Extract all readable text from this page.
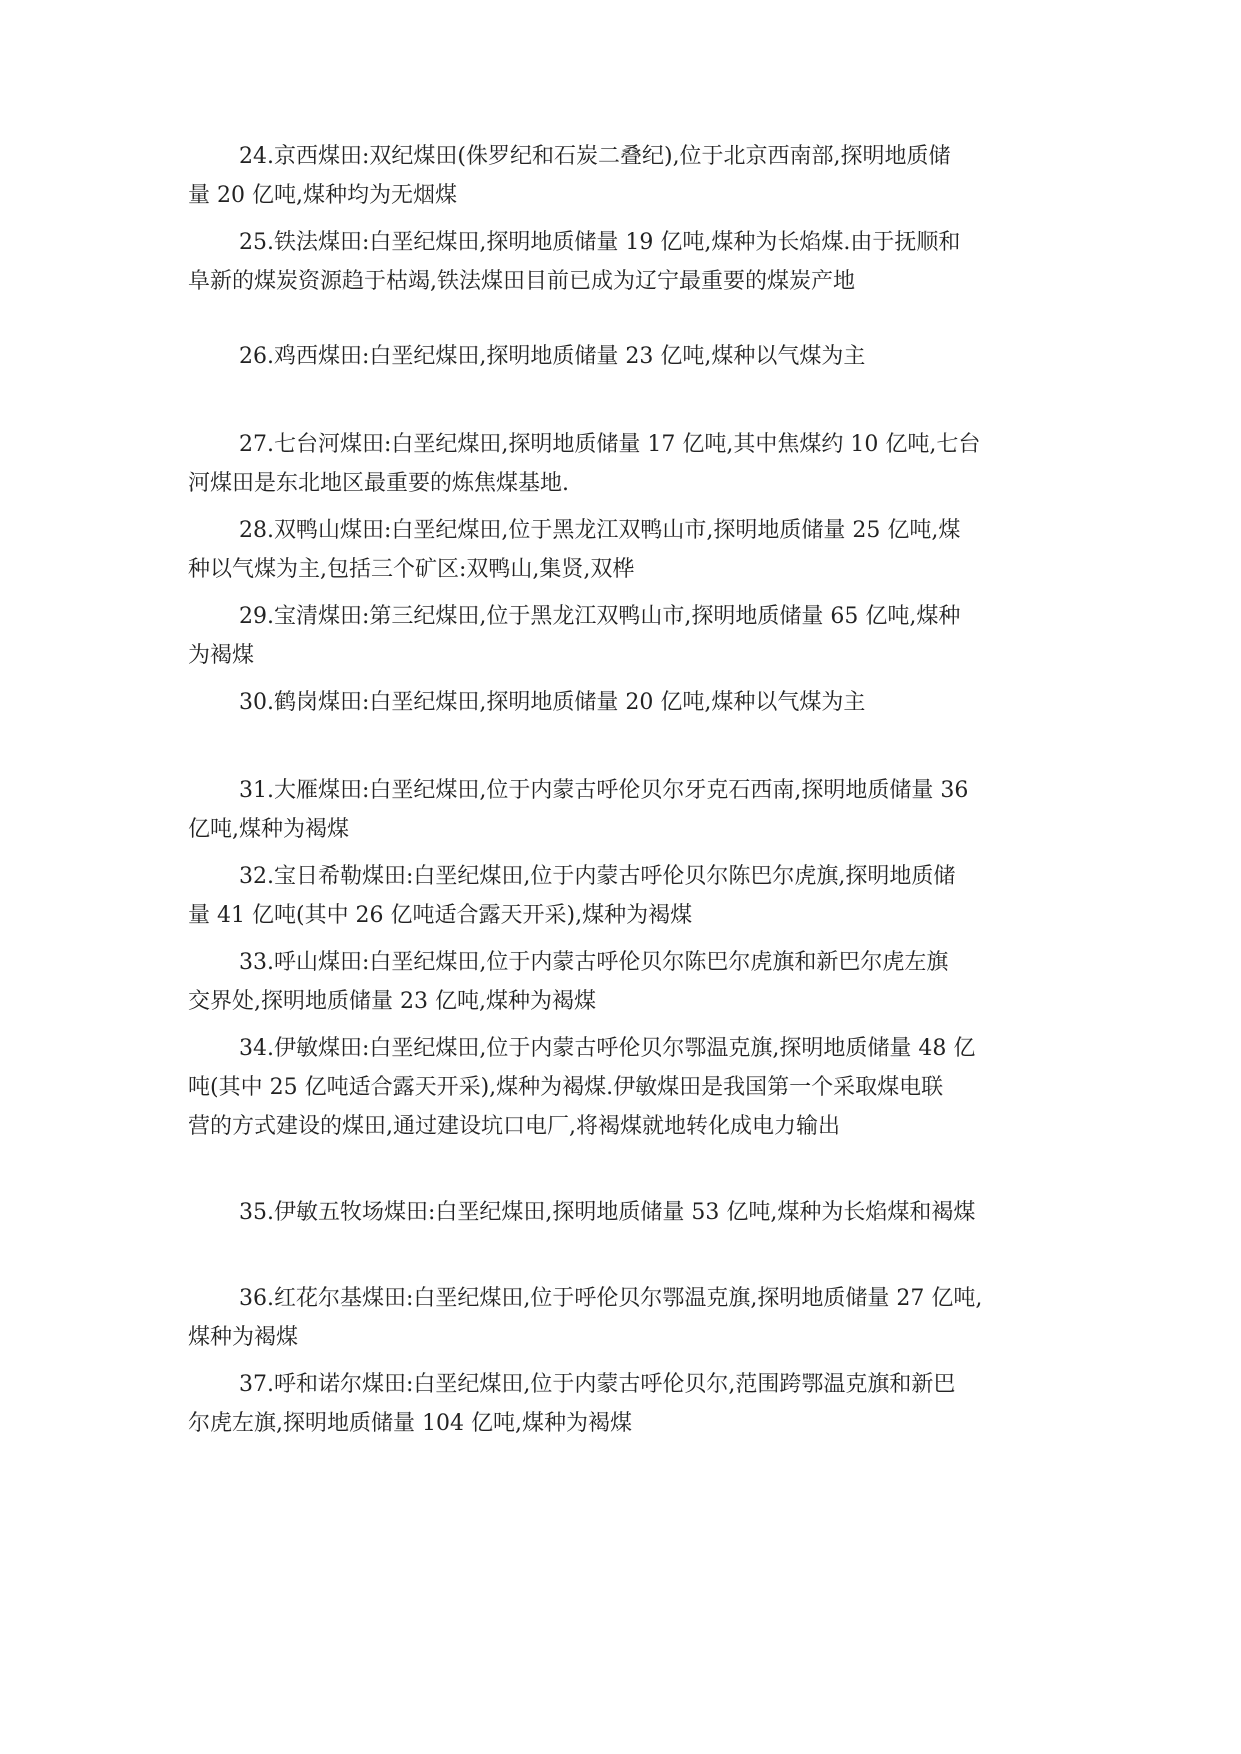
24.京西煤田:双纪煤田(侏罗纪和石炭二叠纪),位于北京西南部,探明地质储
量 20 亿吨,煤种均为无烟煤

25.铁法煤田:白垩纪煤田,探明地质储量 19 亿吨,煤种为长焰煤.由于抚顺和
阜新的煤炭资源趋于枯竭,铁法煤田目前已成为辽宁最重要的煤炭产地

26.鸡西煤田:白垩纪煤田,探明地质储量 23 亿吨,煤种以气煤为主

27.七台河煤田:白垩纪煤田,探明地质储量 17 亿吨,其中焦煤约 10 亿吨,七台
河煤田是东北地区最重要的炼焦煤基地.

28.双鸭山煤田:白垩纪煤田,位于黑龙江双鸭山市,探明地质储量 25 亿吨,煤
种以气煤为主,包括三个矿区:双鸭山,集贤,双桦

29.宝清煤田:第三纪煤田,位于黑龙江双鸭山市,探明地质储量 65 亿吨,煤种
为褐煤

30.鹤岗煤田:白垩纪煤田,探明地质储量 20 亿吨,煤种以气煤为主

31.大雁煤田:白垩纪煤田,位于内蒙古呼伦贝尔牙克石西南,探明地质储量 36
亿吨,煤种为褐煤

32.宝日希勒煤田:白垩纪煤田,位于内蒙古呼伦贝尔陈巴尔虎旗,探明地质储
量 41 亿吨(其中 26 亿吨适合露天开采),煤种为褐煤

33.呼山煤田:白垩纪煤田,位于内蒙古呼伦贝尔陈巴尔虎旗和新巴尔虎左旗
交界处,探明地质储量 23 亿吨,煤种为褐煤

34.伊敏煤田:白垩纪煤田,位于内蒙古呼伦贝尔鄂温克旗,探明地质储量 48 亿
吨(其中 25 亿吨适合露天开采),煤种为褐煤.伊敏煤田是我国第一个采取煤电联
营的方式建设的煤田,通过建设坑口电厂,将褐煤就地转化成电力输出

35.伊敏五牧场煤田:白垩纪煤田,探明地质储量 53 亿吨,煤种为长焰煤和褐煤

36.红花尔基煤田:白垩纪煤田,位于呼伦贝尔鄂温克旗,探明地质储量 27 亿吨,
煤种为褐煤

37.呼和诺尔煤田:白垩纪煤田,位于内蒙古呼伦贝尔,范围跨鄂温克旗和新巴
尔虎左旗,探明地质储量 104 亿吨,煤种为褐煤
